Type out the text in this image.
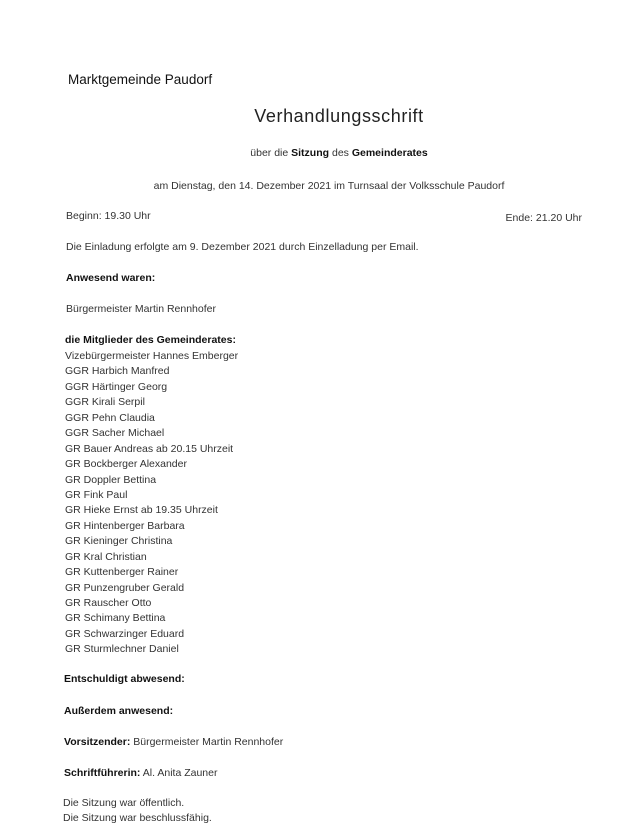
Marktgemeinde Paudorf
Verhandlungsschrift
über die Sitzung des Gemeinderates
am Dienstag, den 14. Dezember 2021 im Turnsaal der Volksschule Paudorf
Beginn: 19.30 Uhr	Ende: 21.20 Uhr
Die Einladung erfolgte am 9. Dezember 2021 durch Einzelladung per Email.
Anwesend waren:
Bürgermeister Martin Rennhofer
die Mitglieder des Gemeinderates:
Vizebürgermeister Hannes Emberger
GGR Harbich Manfred
GGR Härtinger Georg
GGR Kirali Serpil
GGR Pehn Claudia
GGR Sacher Michael
GR Bauer Andreas ab 20.15 Uhrzeit
GR Bockberger Alexander
GR Doppler Bettina
GR Fink Paul
GR Hieke Ernst ab 19.35 Uhrzeit
GR Hintenberger Barbara
GR Kieninger Christina
GR Kral Christian
GR Kuttenberger Rainer
GR Punzengruber Gerald
GR Rauscher Otto
GR Schimany Bettina
GR Schwarzinger Eduard
GR Sturmlechner Daniel
Entschuldigt abwesend:
Außerdem anwesend:
Vorsitzender: Bürgermeister Martin Rennhofer
Schriftführerin: Al. Anita Zauner
Die Sitzung war öffentlich.
Die Sitzung war beschlussfähig.
